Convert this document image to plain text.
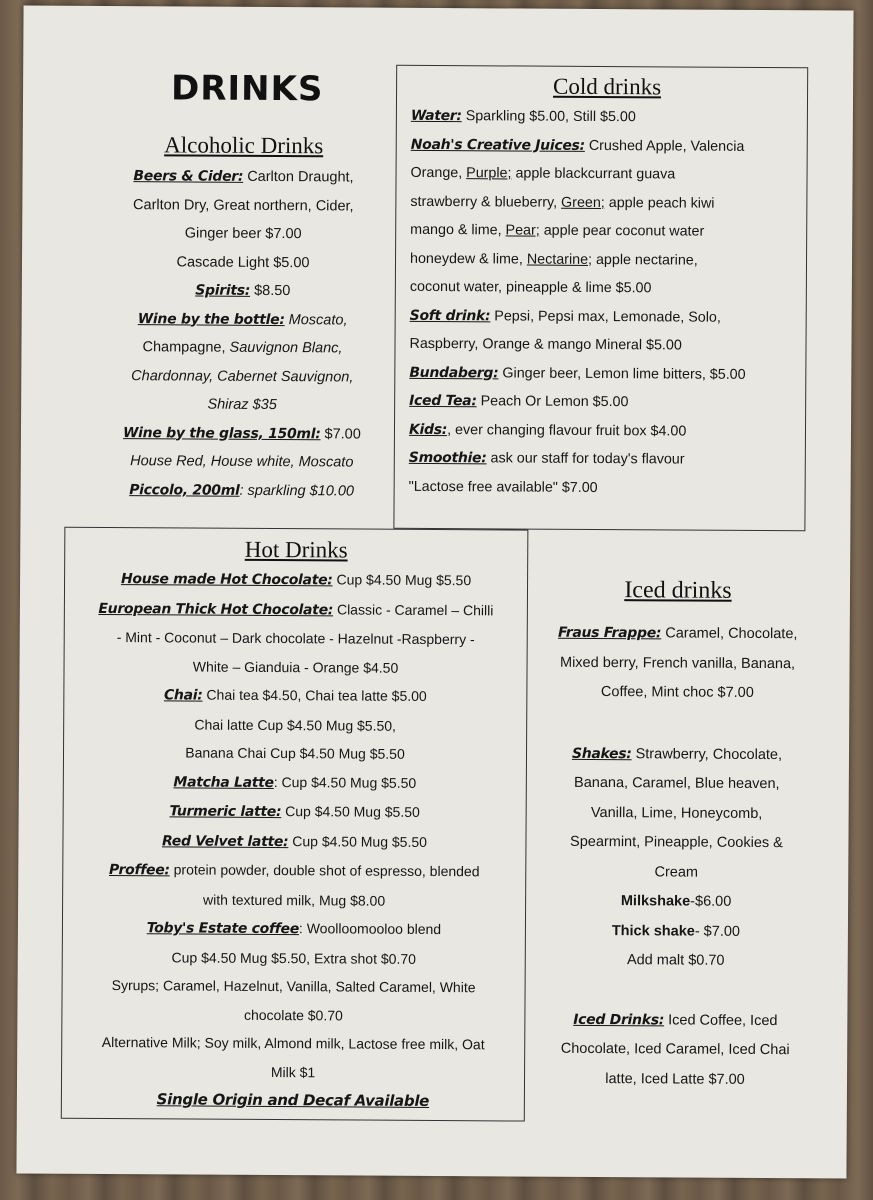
DRINKS
Alcoholic Drinks
Beers & Cider: Carlton Draught,
Carlton Dry, Great northern, Cider,
Ginger beer $7.00
Cascade Light $5.00
Spirits: $8.50
Wine by the bottle: Moscato,
Champagne, Sauvignon Blanc,
Chardonnay, Cabernet Sauvignon,
Shiraz $35
Wine by the glass, 150ml: $7.00
House Red, House white, Moscato
Piccolo, 200ml: sparkling $10.00
Cold drinks
Water: Sparkling $5.00, Still $5.00
Noah's Creative Juices: Crushed Apple, Valencia
Orange, Purple; apple blackcurrant guava
strawberry & blueberry, Green; apple peach kiwi
mango & lime, Pear; apple pear coconut water
honeydew & lime, Nectarine; apple nectarine,
coconut water, pineapple & lime $5.00
Soft drink: Pepsi, Pepsi max, Lemonade, Solo,
Raspberry, Orange & mango Mineral $5.00
Bundaberg: Ginger beer, Lemon lime bitters, $5.00
Iced Tea: Peach Or Lemon $5.00
Kids:, ever changing flavour fruit box $4.00
Smoothie: ask our staff for today's flavour
"Lactose free available" $7.00
Hot Drinks
House made Hot Chocolate: Cup $4.50 Mug $5.50
European Thick Hot Chocolate: Classic - Caramel – Chilli
- Mint - Coconut – Dark chocolate - Hazelnut -Raspberry -
White – Gianduia - Orange $4.50
Chai: Chai tea $4.50, Chai tea latte $5.00
Chai latte Cup $4.50 Mug $5.50,
Banana Chai Cup $4.50 Mug $5.50
Matcha Latte: Cup $4.50 Mug $5.50
Turmeric latte: Cup $4.50 Mug $5.50
Red Velvet latte: Cup $4.50 Mug $5.50
Proffee: protein powder, double shot of espresso, blended
with textured milk, Mug $8.00
Toby's Estate coffee: Woolloomooloo blend
Cup $4.50 Mug $5.50, Extra shot $0.70
Syrups; Caramel, Hazelnut, Vanilla, Salted Caramel, White
chocolate $0.70
Alternative Milk; Soy milk, Almond milk, Lactose free milk, Oat
Milk $1
Single Origin and Decaf Available
Iced drinks
Fraus Frappe: Caramel, Chocolate,
Mixed berry, French vanilla, Banana,
Coffee, Mint choc $7.00
Shakes: Strawberry, Chocolate,
Banana, Caramel, Blue heaven,
Vanilla, Lime, Honeycomb,
Spearmint, Pineapple, Cookies &
Cream
Milkshake-$6.00
Thick shake- $7.00
Add malt $0.70
Iced Drinks: Iced Coffee, Iced
Chocolate, Iced Caramel, Iced Chai
latte, Iced Latte $7.00
